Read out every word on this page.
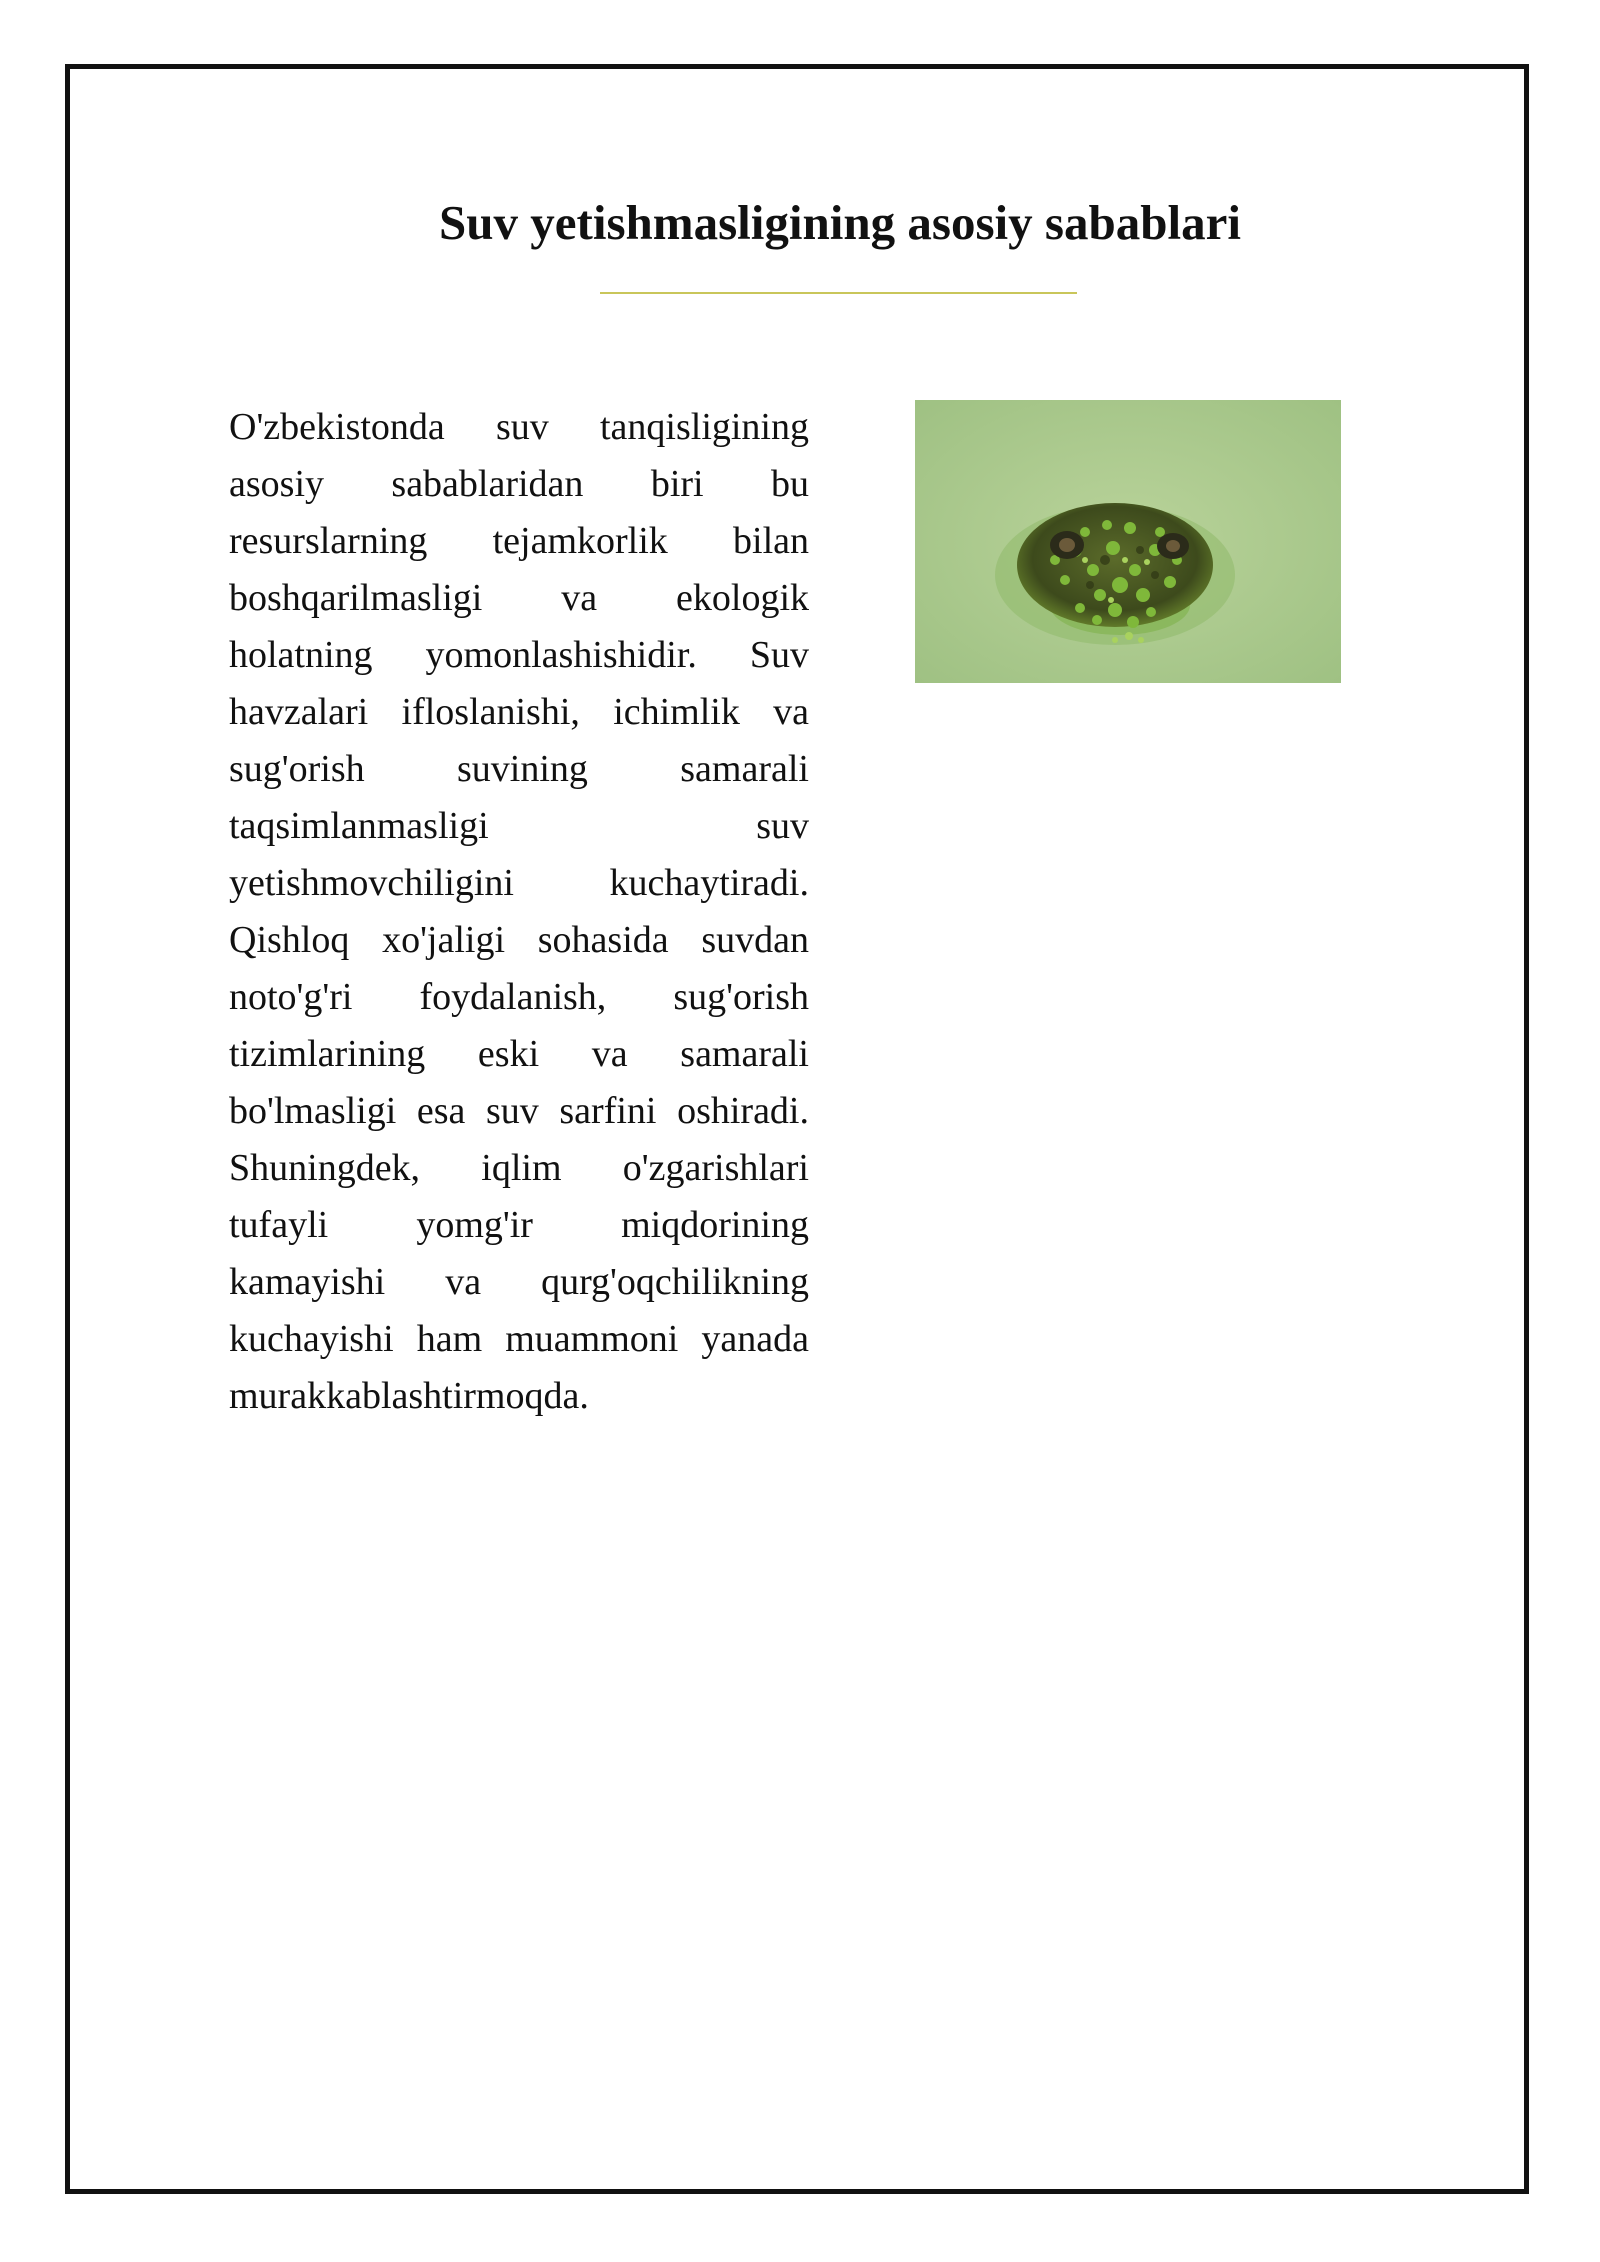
Suv yetishmasligining asosiy sabablari

O'zbekistonda suv tanqisligining asosiy sabablaridan biri bu resurslarning tejamkorlik bilan boshqarilmasligi va ekologik holatning yomonlashishidir. Suv havzalari ifloslanishi, ichimlik va sug'orish suvining samarali taqsimlanmasligi suv yetishmovchiligini kuchaytiradi. Qishloq xo'jaligi sohasida suvdan noto'g'ri foydalanish, sug'orish tizimlarining eski va samarali bo'lmasligi esa suv sarfini oshiradi. Shuningdek, iqlim o'zgarishlari tufayli yomg'ir miqdorining kamayishi va qurg'oqchilikning kuchayishi ham muammoni yanada murakkablashtirmoqda.
